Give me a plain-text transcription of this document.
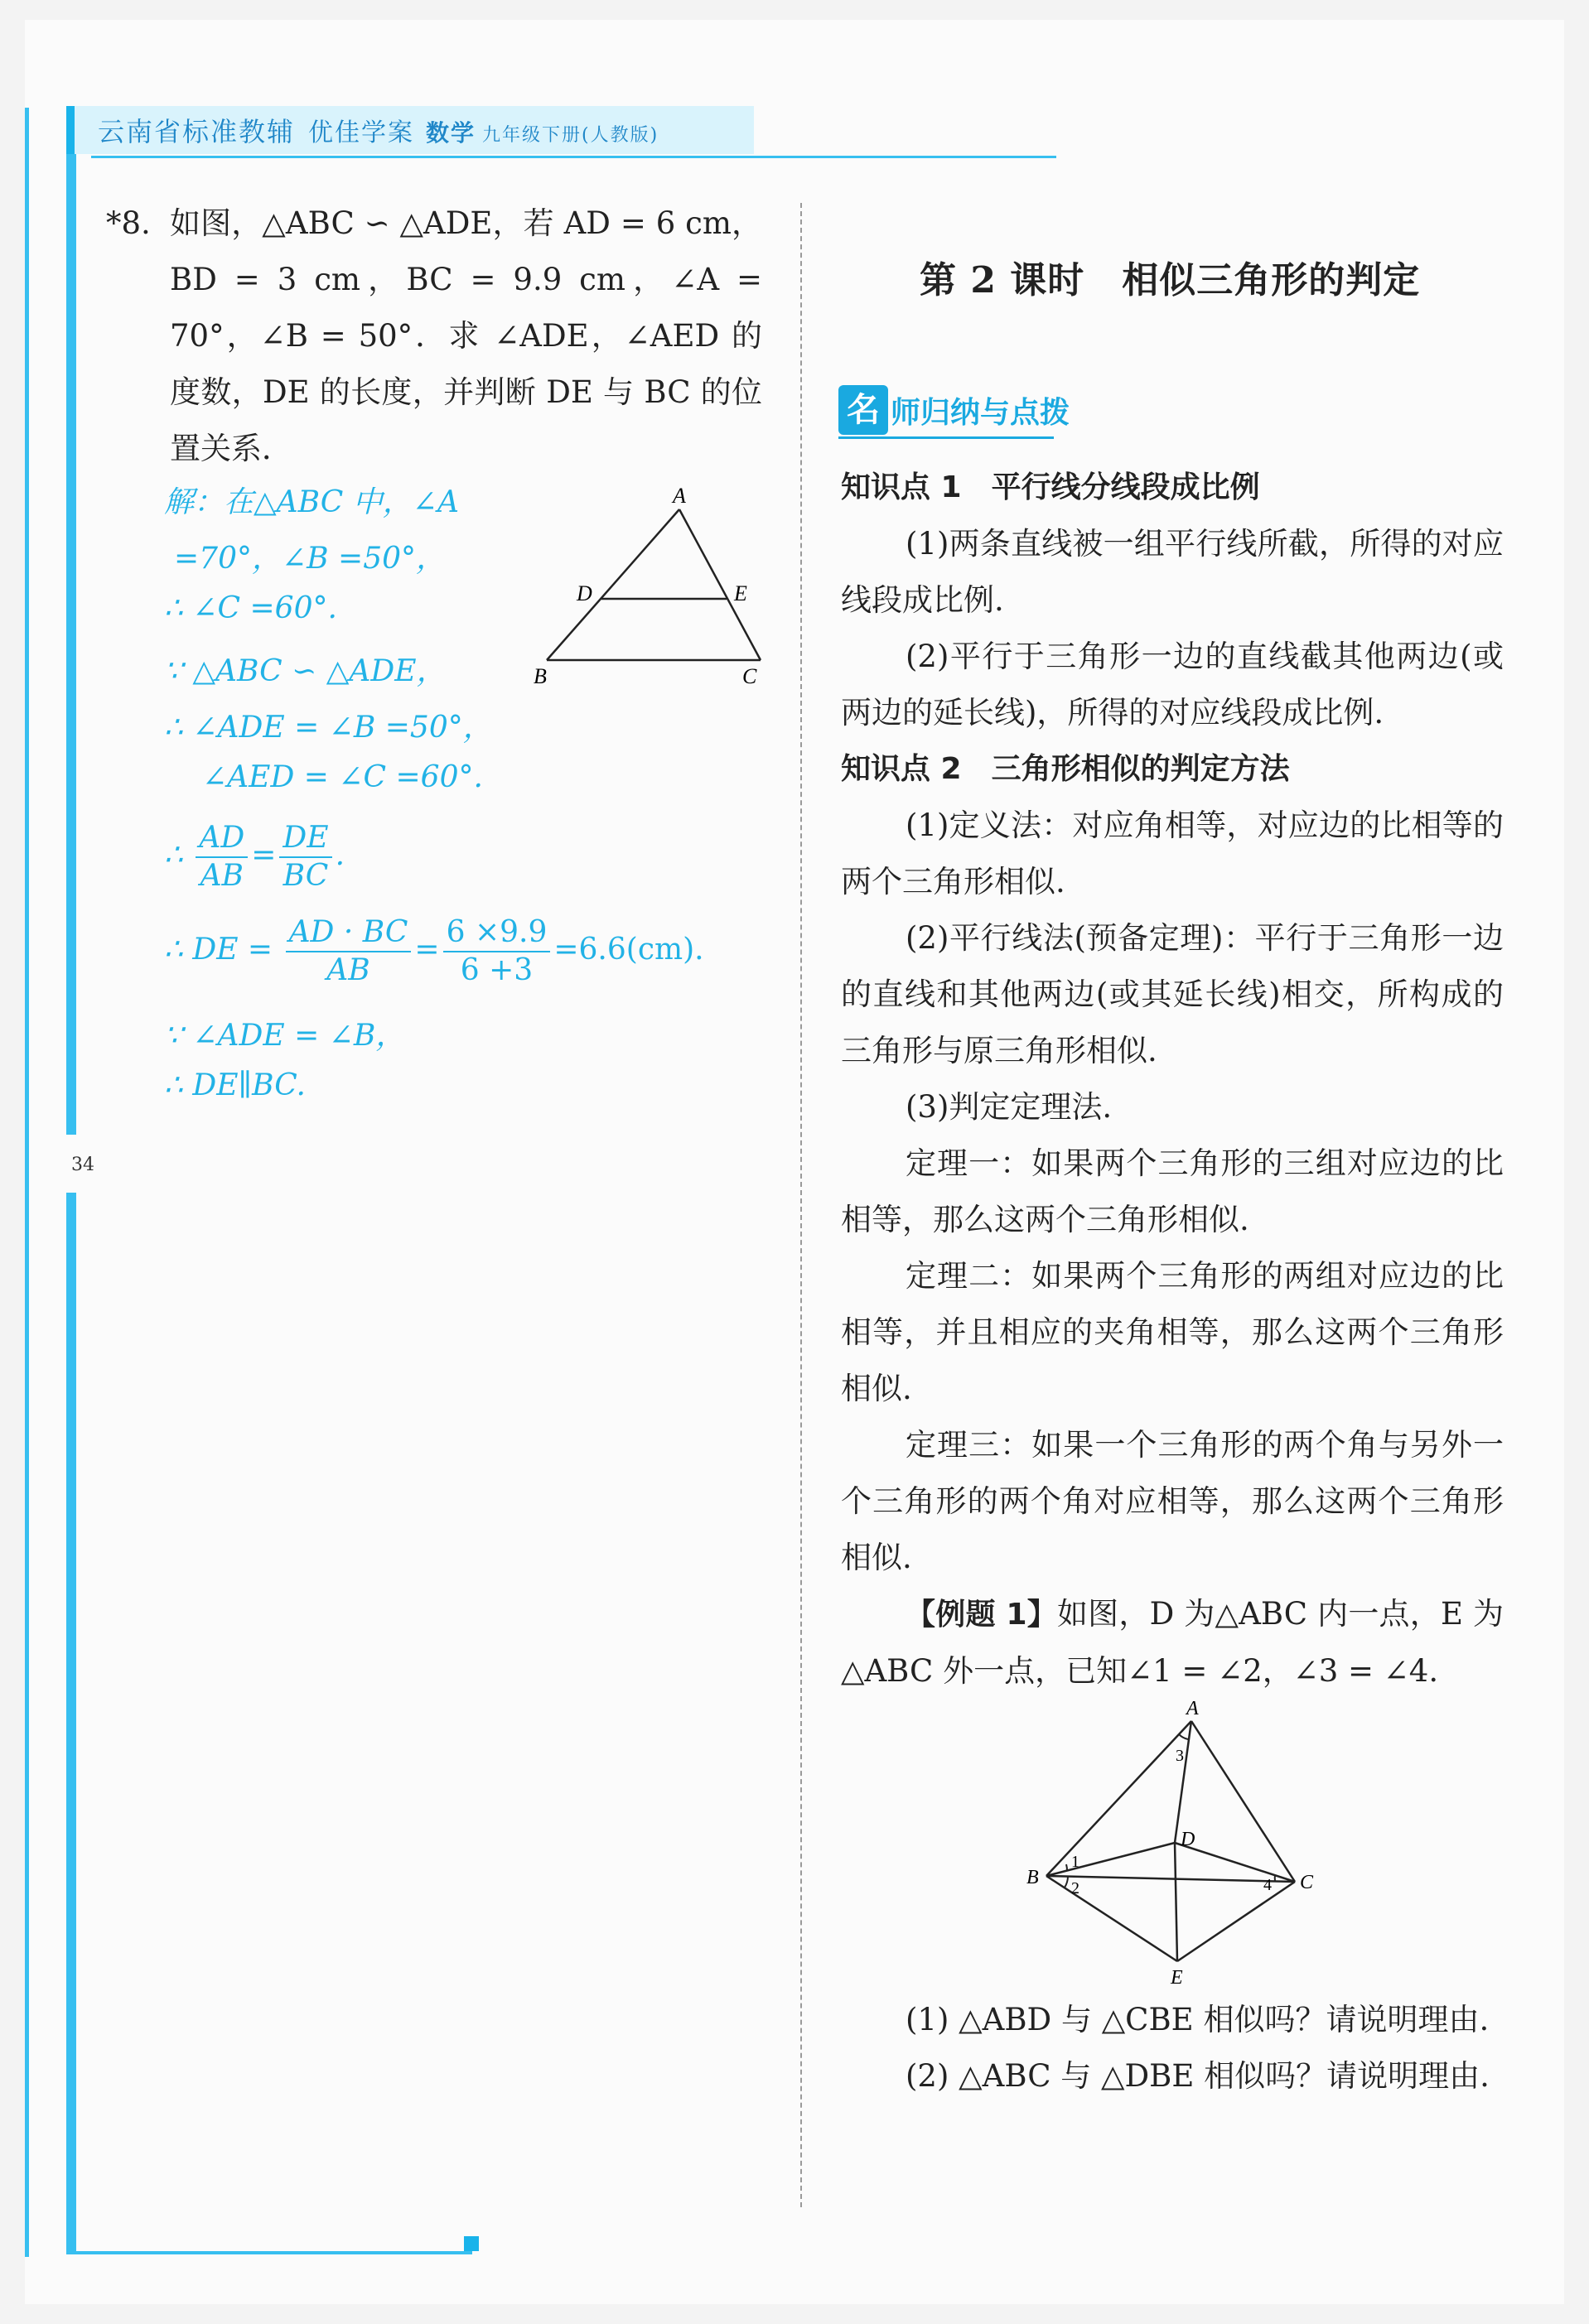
云南省标准教辅 优佳学案 数学 九年级下册(人教版)
34
*8. 如图，△ABC ∽ △ADE，若 AD = 6 cm，BD = 3 cm，BC = 9.9 cm，∠A = 70°，∠B = 50°．求 ∠ADE，∠AED 的度数，DE 的长度，并判断 DE 与 BC 的位置关系．
A
B	C
D	E
解：在△ABC 中，∠A
=70°，∠B =50°，
∴ ∠C =60°.
∵ △ABC ∽ △ADE，
∴ ∠ADE = ∠B =50°，
∠AED = ∠C =60°.
∴ $\frac{AD}{AB} = \frac{DE}{BC}$ .
∴ DE = $\frac{AD \cdot BC}{AB} = \frac{6 \times 9.9}{6 +3} =6.6(cm)$.
∵ ∠ADE = ∠B，
∴ DE∥BC.
第 2 课时　相似三角形的判定
名 师归纳与点拨

知识点 1　平行线分线段成比例

(1)两条直线被一组平行线所截，所得的对应线段成比例.

(2)平行于三角形一边的直线截其他两边(或两边的延长线)，所得的对应线段成比例.

知识点 2　三角形相似的判定方法

(1)定义法：对应角相等，对应边的比相等的两个三角形相似.

(2)平行线法(预备定理)：平行于三角形一边的直线和其他两边(或其延长线)相交，所构成的三角形与原三角形相似.

(3)判定定理法.

定理一：如果两个三角形的三组对应边的比相等，那么这两个三角形相似.

定理二：如果两个三角形的两组对应边的比相等，并且相应的夹角相等，那么这两个三角形相似.

定理三：如果一个三角形的两个角与另外一个三角形的两个角对应相等，那么这两个三角形相似.

【例题 1】如图，D 为△ABC 内一点，E 为△ABC 外一点，已知∠1 = ∠2，∠3 = ∠4.

A
B	C
D
E
1
2
3
4

(1) △ABD 与 △CBE 相似吗？请说明理由.

(2) △ABC 与 △DBE 相似吗？请说明理由.
